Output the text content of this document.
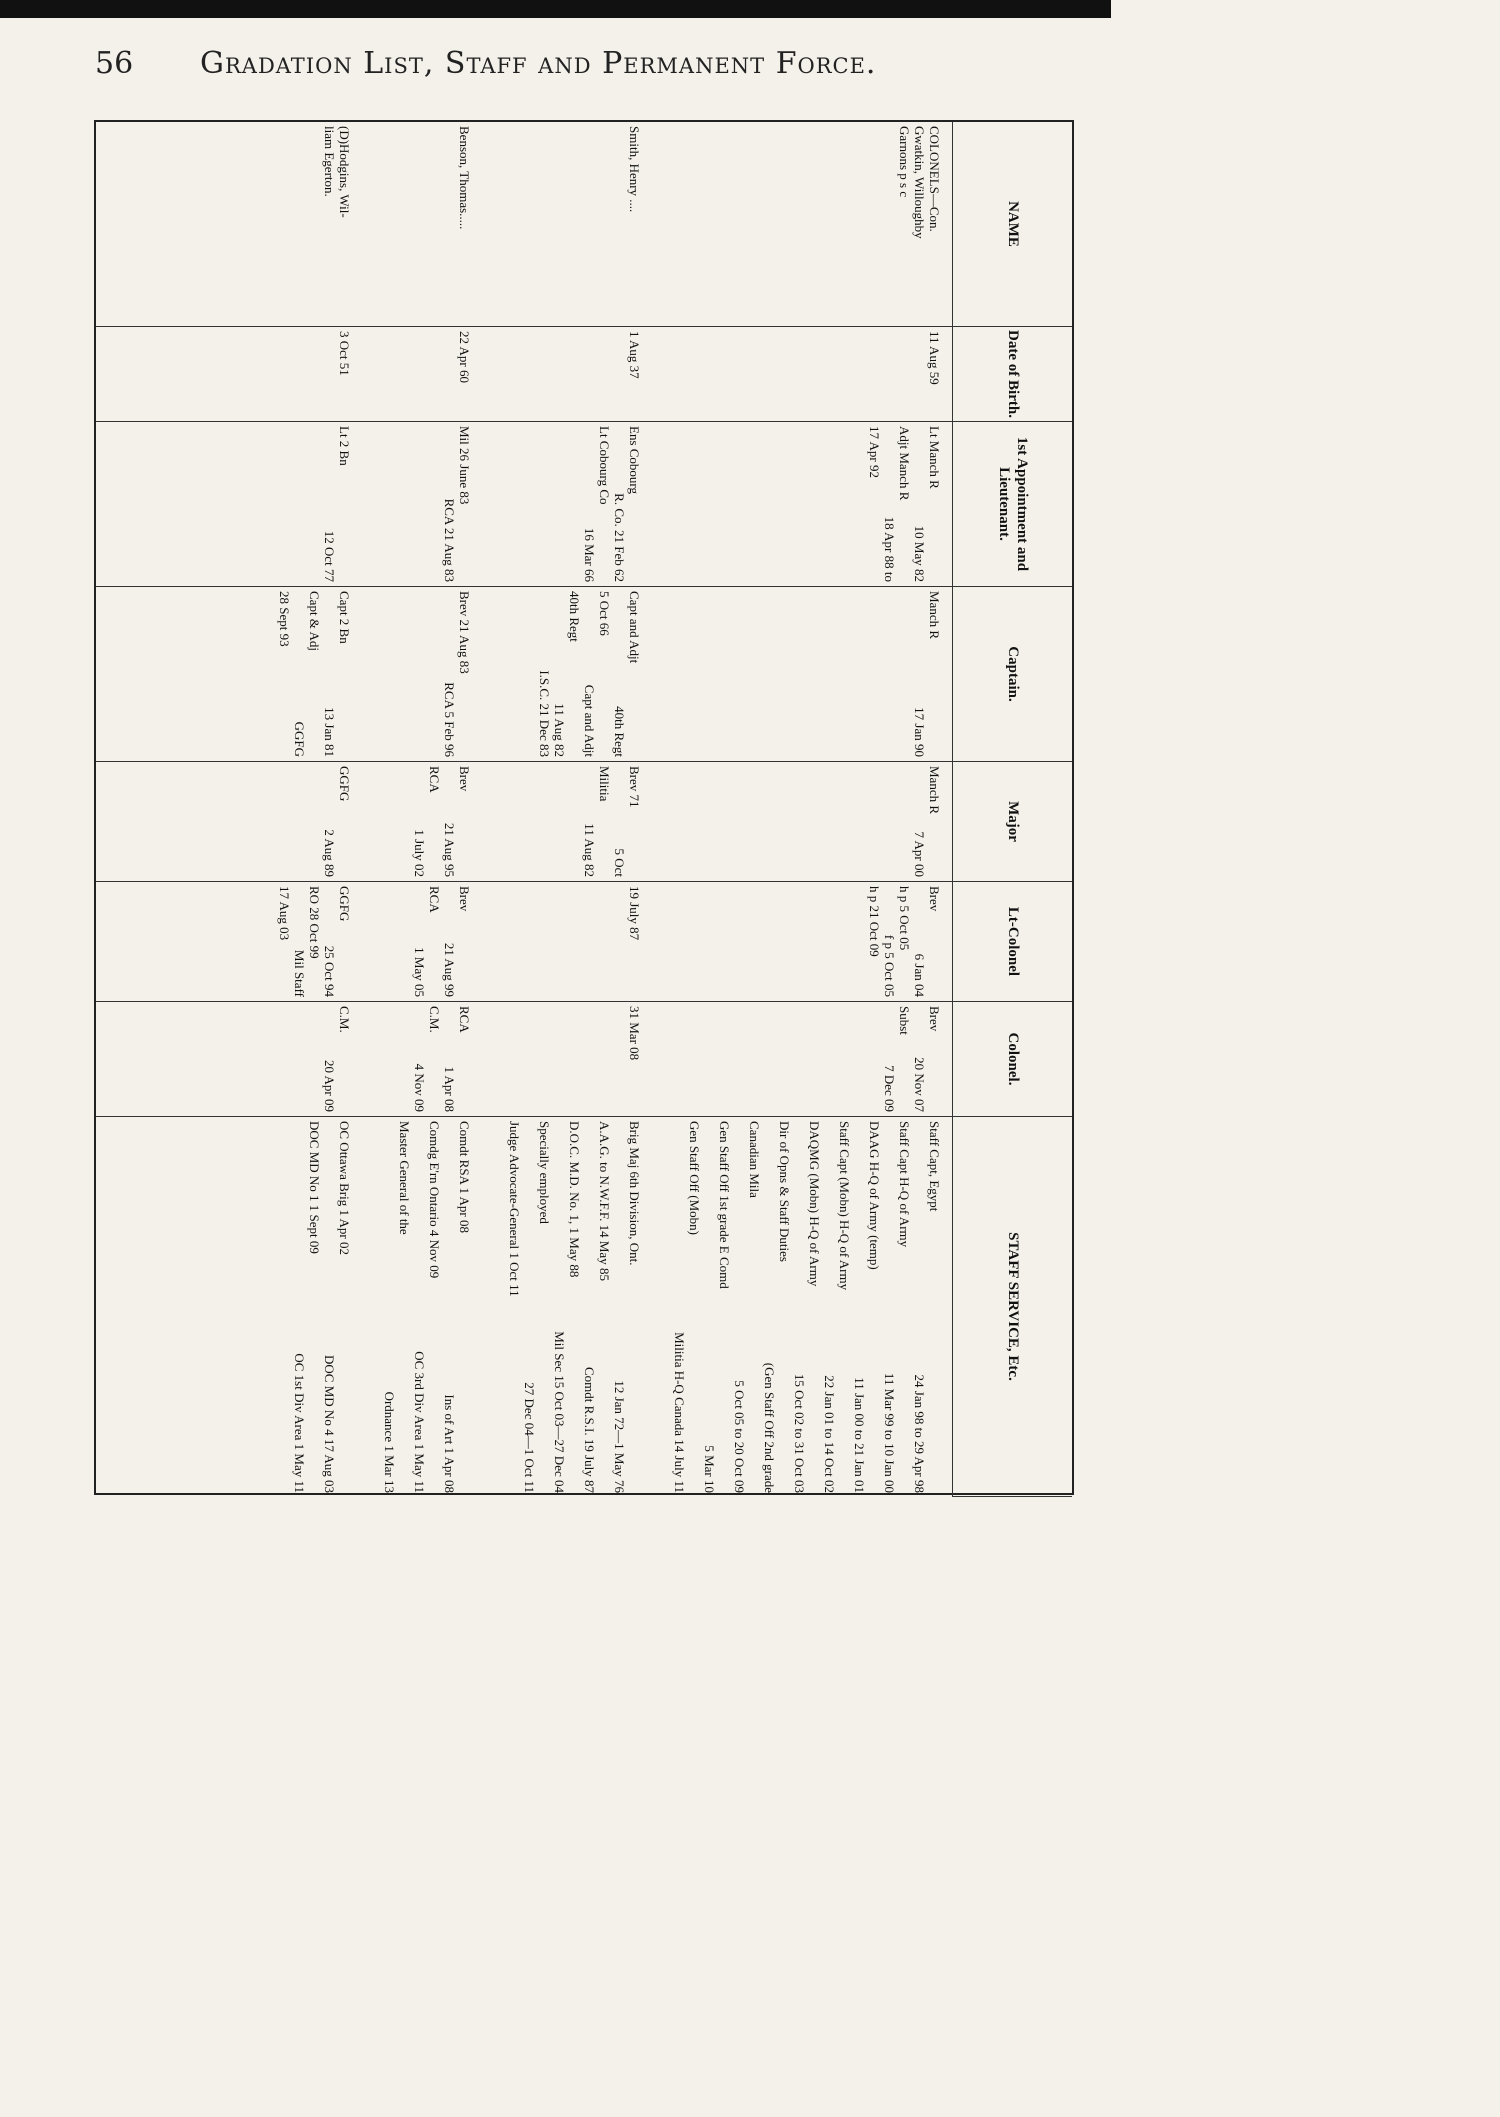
56 Gradation List, Staff and Permanent Force.
NAME
Date of Birth.
1st Appointment and Lieutenant.
Captain.
Major
Lt-Colonel
Colonel.
STAFF SERVICE, Etc.
COLONELS—Con.
Gwatkin, Willoughby
Garnons p s c
Smith, Henry ....
Benson, Thomas.....
(D)Hodgins, Wil-
liam Egerton.
11 Aug 59
1 Aug 37
22 Apr 60
3 Oct 51
Lt Manch R
10 May 82
Adjt Manch R
18 Apr 88 to
17 Apr 92
Ens Cobourg
R. Co. 21 Feb 62
Lt Cobourg Co
16 Mar 66
Mil 26 June 83
RCA 21 Aug 83
Lt 2 Bn
12 Oct 77
Manch R
17 Jan 90
Capt and Adjt
40th Regt
5 Oct 66
Capt and Adjt
40th Regt
11 Aug 82
I.S.C. 21 Dec 83
Brev 21 Aug 83
RCA 5 Feb 96
Capt 2 Bn
13 Jan 81
Capt & Adj
GGFG
28 Sept 93
Manch R
7 Apr 00
Brev 71
5 Oct
Militia
11 Aug 82
Brev
21 Aug 95
RCA
1 July 02
GGFG
2 Aug 89
Brev
6 Jan 04
h p 5 Oct 05
f p 5 Oct 05
h p 21 Oct 09
19 July 87
Brev
21 Aug 99
RCA
1 May 05
GGFG
25 Oct 94
RO 28 Oct 99
Mil Staff
17 Aug 03
Brev
20 Nov 07
Subst
7 Dec 09
31 Mar 08
RCA
1 Apr 08
C.M.
4 Nov 09
C.M.
20 Apr 09
Staff Capt, Egypt
24 Jan 98 to 29 Apr 98
Staff Capt H-Q of Army
11 Mar 99 to 10 Jan 00
DAAG H-Q of Army (temp)
11 Jan 00 to 21 Jan 01
Staff Capt (Mobn) H-Q of Army
22 Jan 01 to 14 Oct 02
DAQMG (Mobn) H-Q of Army
15 Oct 02 to 31 Oct 03
Dir of Opns & Staff Duties
(Gen Staff Off 2nd grade
Canadian Mila
5 Oct 05 to 20 Oct 09
Gen Staff Off 1st grade E Comd
5 Mar 10
Gen Staff Off (Mobn)
Militia H-Q Canada 14 July 11
Brig Maj 6th Division, Ont.
12 Jan 72—1 May 76
A.A.G. to N.W.F.F. 14 May 85
Comdt R.S.I. 19 July 87
D.O.C. M.D. No. 1, 1 May 88
Mil Sec 15 Oct 03—27 Dec 04
Specially employed
27 Dec 04—1 Oct 11
Judge Advocate-General 1 Oct 11
Comdt RSA 1 Apr 08
Ins of Art 1 Apr 08
Comdg E'rn Ontario 4 Nov 09
OC 3rd Div Area 1 May 11
Master General of the
Ordnance 1 Mar 13
OC Ottawa Brig 1 Apr 02
DOC MD No 4 17 Aug 03
DOC MD No 1 1 Sept 09
OC 1st Div Area 1 May 11
